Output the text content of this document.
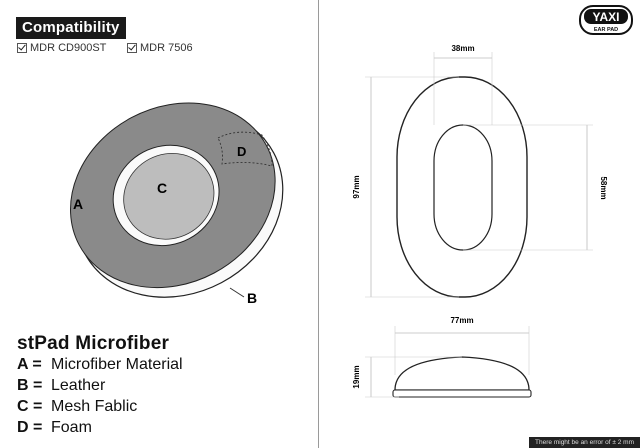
Compatibility
MDR CD900ST	MDR 7506
A
B
C
D
stPad Microfiber
A = Microfiber Material
B = Leather
C = Mesh Fablic
D = Foam
38mm
97mm	58mm
77mm
19mm
YAXI
EAR PAD
There might be an error of ± 2 mm
